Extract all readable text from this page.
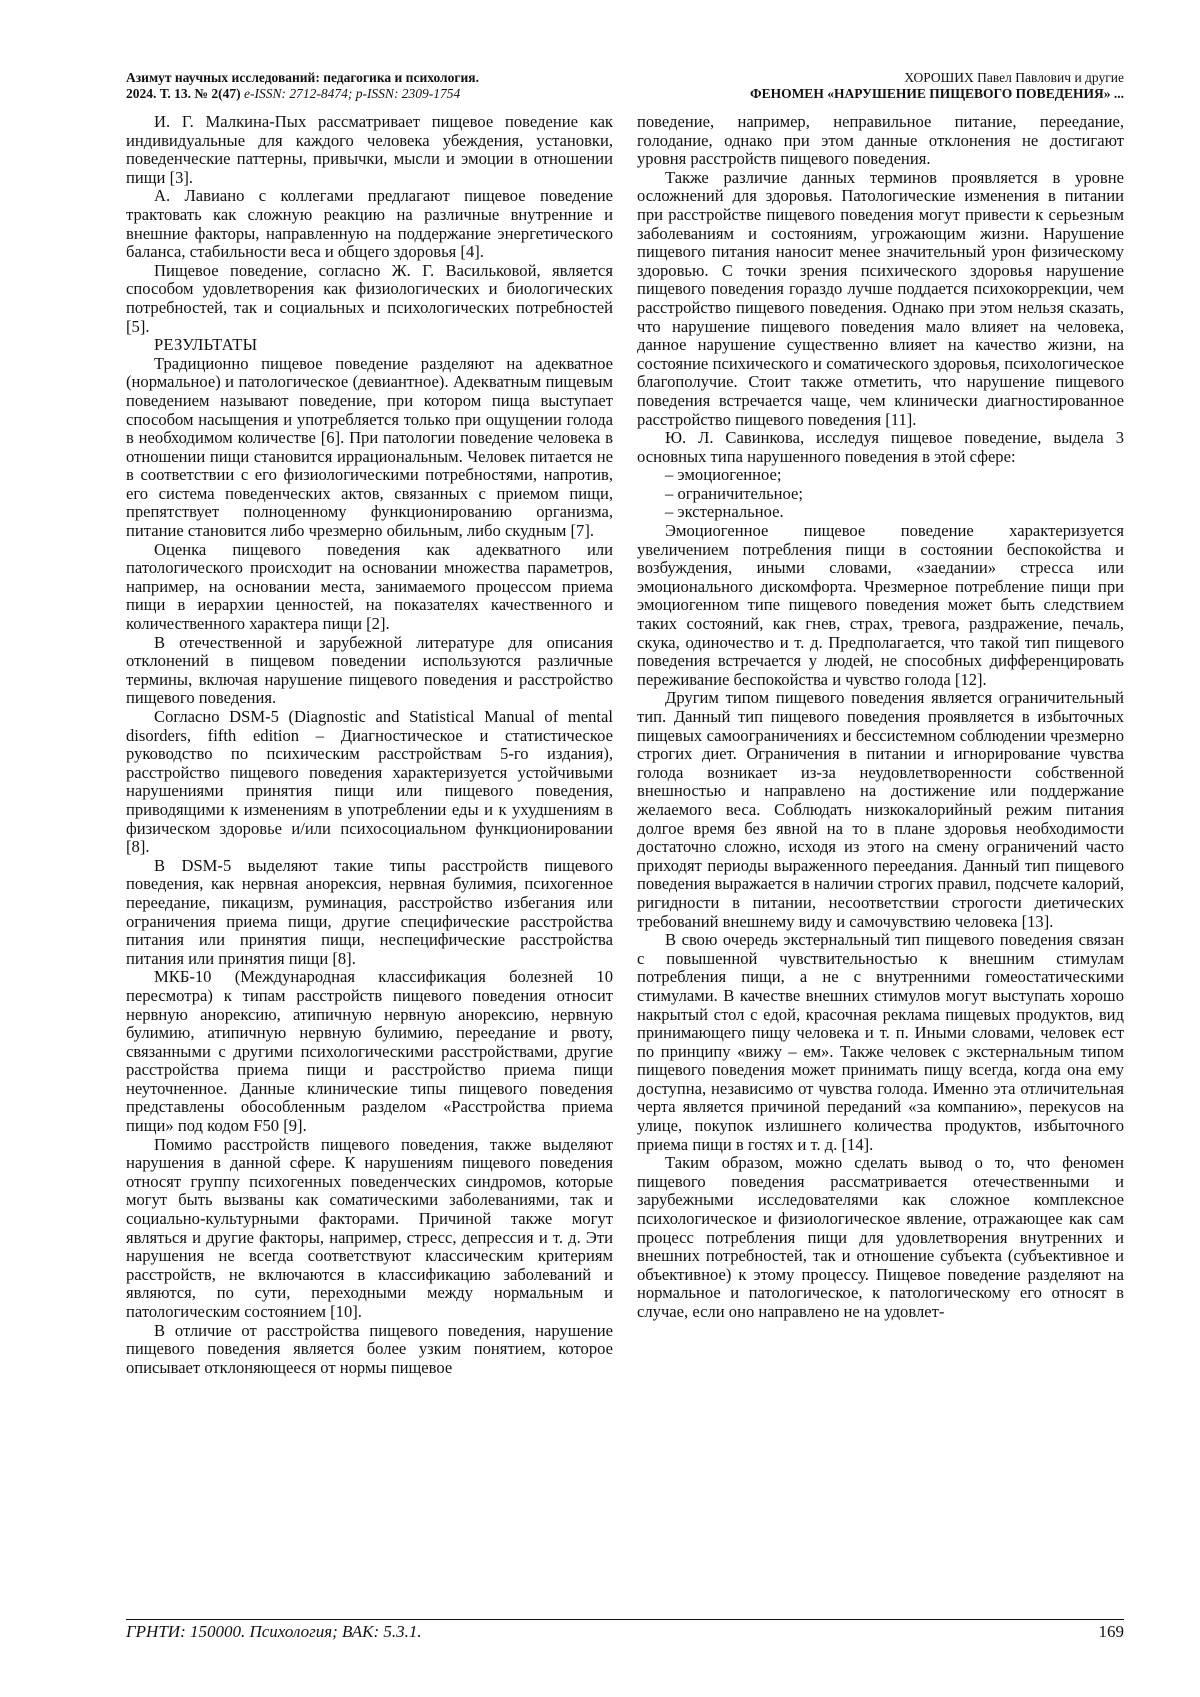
Азимут научных исследований: педагогика и психология.
2024. Т. 13. № 2(47) e-ISSN: 2712-8474; p-ISSN: 2309-1754
ХОРОШИХ Павел Павлович и другие
ФЕНОМЕН «НАРУШЕНИЕ ПИЩЕВОГО ПОВЕДЕНИЯ» ...

И. Г. Малкина-Пых рассматривает пищевое поведение как индивидуальные для каждого человека убеждения, установки, поведенческие паттерны, привычки, мысли и эмоции в отношении пищи [3].

А. Лавиано с коллегами предлагают пищевое поведение трактовать как сложную реакцию на различные внутренние и внешние факторы, направленную на поддержание энергетического баланса, стабильности веса и общего здоровья [4].

Пищевое поведение, согласно Ж. Г. Васильковой, является способом удовлетворения как физиологических и биологических потребностей, так и социальных и психологических потребностей [5].

РЕЗУЛЬТАТЫ

Традиционно пищевое поведение разделяют на адекватное (нормальное) и патологическое (девиантное). Адекватным пищевым поведением называют поведение, при котором пища выступает способом насыщения и употребляется только при ощущении голода в необходимом количестве [6]. При патологии поведение человека в отношении пищи становится иррациональным. Человек питается не в соответствии с его физиологическими потребностями, напротив, его система поведенческих актов, связанных с приемом пищи, препятствует полноценному функционированию организма, питание становится либо чрезмерно обильным, либо скудным [7].

Оценка пищевого поведения как адекватного или патологического происходит на основании множества параметров, например, на основании места, занимаемого процессом приема пищи в иерархии ценностей, на показателях качественного и количественного характера пищи [2].

В отечественной и зарубежной литературе для описания отклонений в пищевом поведении используются различные термины, включая нарушение пищевого поведения и расстройство пищевого поведения.

Согласно DSM-5 (Diagnostic and Statistical Manual of mental disorders, fifth edition – Диагностическое и статистическое руководство по психическим расстройствам 5-го издания), расстройство пищевого поведения характеризуется устойчивыми нарушениями принятия пищи или пищевого поведения, приводящими к изменениям в употреблении еды и к ухудшениям в физическом здоровье и/или психосоциальном функционировании [8].

В DSM-5 выделяют такие типы расстройств пищевого поведения, как нервная анорексия, нервная булимия, психогенное переедание, пикацизм, руминация, расстройство избегания или ограничения приема пищи, другие специфические расстройства питания или принятия пищи, неспецифические расстройства питания или принятия пищи [8].

МКБ-10 (Международная классификация болезней 10 пересмотра) к типам расстройств пищевого поведения относит нервную анорексию, атипичную нервную анорексию, нервную булимию, атипичную нервную булимию, переедание и рвоту, связанными с другими психологическими расстройствами, другие расстройства приема пищи и расстройство приема пищи неуточненное. Данные клинические типы пищевого поведения представлены обособленным разделом «Расстройства приема пищи» под кодом F50 [9].

Помимо расстройств пищевого поведения, также выделяют нарушения в данной сфере. К нарушениям пищевого поведения относят группу психогенных поведенческих синдромов, которые могут быть вызваны как соматическими заболеваниями, так и социально-культурными факторами. Причиной также могут являться и другие факторы, например, стресс, депрессия и т. д. Эти нарушения не всегда соответствуют классическим критериям расстройств, не включаются в классификацию заболеваний и являются, по сути, переходными между нормальным и патологическим состоянием [10].

В отличие от расстройства пищевого поведения, нарушение пищевого поведения является более узким понятием, которое описывает отклоняющееся от нормы пищевое

поведение, например, неправильное питание, переедание, голодание, однако при этом данные отклонения не достигают уровня расстройств пищевого поведения.

Также различие данных терминов проявляется в уровне осложнений для здоровья. Патологические изменения в питании при расстройстве пищевого поведения могут привести к серьезным заболеваниям и состояниям, угрожающим жизни. Нарушение пищевого питания наносит менее значительный урон физическому здоровью. С точки зрения психического здоровья нарушение пищевого поведения гораздо лучше поддается психокоррекции, чем расстройство пищевого поведения. Однако при этом нельзя сказать, что нарушение пищевого поведения мало влияет на человека, данное нарушение существенно влияет на качество жизни, на состояние психического и соматического здоровья, психологическое благополучие. Стоит также отметить, что нарушение пищевого поведения встречается чаще, чем клинически диагностированное расстройство пищевого поведения [11].

Ю. Л. Савинкова, исследуя пищевое поведение, выдела 3 основных типа нарушенного поведения в этой сфере:

– эмоциогенное;

– ограничительное;

– экстернальное.

Эмоциогенное пищевое поведение характеризуется увеличением потребления пищи в состоянии беспокойства и возбуждения, иными словами, «заедании» стресса или эмоционального дискомфорта. Чрезмерное потребление пищи при эмоциогенном типе пищевого поведения может быть следствием таких состояний, как гнев, страх, тревога, раздражение, печаль, скука, одиночество и т. д. Предполагается, что такой тип пищевого поведения встречается у людей, не способных дифференцировать переживание беспокойства и чувство голода [12].

Другим типом пищевого поведения является ограничительный тип. Данный тип пищевого поведения проявляется в избыточных пищевых самоограничениях и бессистемном соблюдении чрезмерно строгих диет. Ограничения в питании и игнорирование чувства голода возникает из-за неудовлетворенности собственной внешностью и направлено на достижение или поддержание желаемого веса. Соблюдать низкокалорийный режим питания долгое время без явной на то в плане здоровья необходимости достаточно сложно, исходя из этого на смену ограничений часто приходят периоды выраженного переедания. Данный тип пищевого поведения выражается в наличии строгих правил, подсчете калорий, ригидности в питании, несоответствии строгости диетических требований внешнему виду и самочувствию человека [13].

В свою очередь экстернальный тип пищевого поведения связан с повышенной чувствительностью к внешним стимулам потребления пищи, а не с внутренними гомеостатическими стимулами. В качестве внешних стимулов могут выступать хорошо накрытый стол с едой, красочная реклама пищевых продуктов, вид принимающего пищу человека и т. п. Иными словами, человек ест по принципу «вижу – ем». Также человек с экстернальным типом пищевого поведения может принимать пищу всегда, когда она ему доступна, независимо от чувства голода. Именно эта отличительная черта является причиной переданий «за компанию», перекусов на улице, покупок излишнего количества продуктов, избыточного приема пищи в гостях и т. д. [14].

Таким образом, можно сделать вывод о то, что феномен пищевого поведения рассматривается отечественными и зарубежными исследователями как сложное комплексное психологическое и физиологическое явление, отражающее как сам процесс потребления пищи для удовлетворения внутренних и внешних потребностей, так и отношение субъекта (субъективное и объективное) к этому процессу. Пищевое поведение разделяют на нормальное и патологическое, к патологическому его относят в случае, если оно направлено не на удовлет-

ГРНТИ: 150000. Психология; ВАК: 5.3.1.	169
